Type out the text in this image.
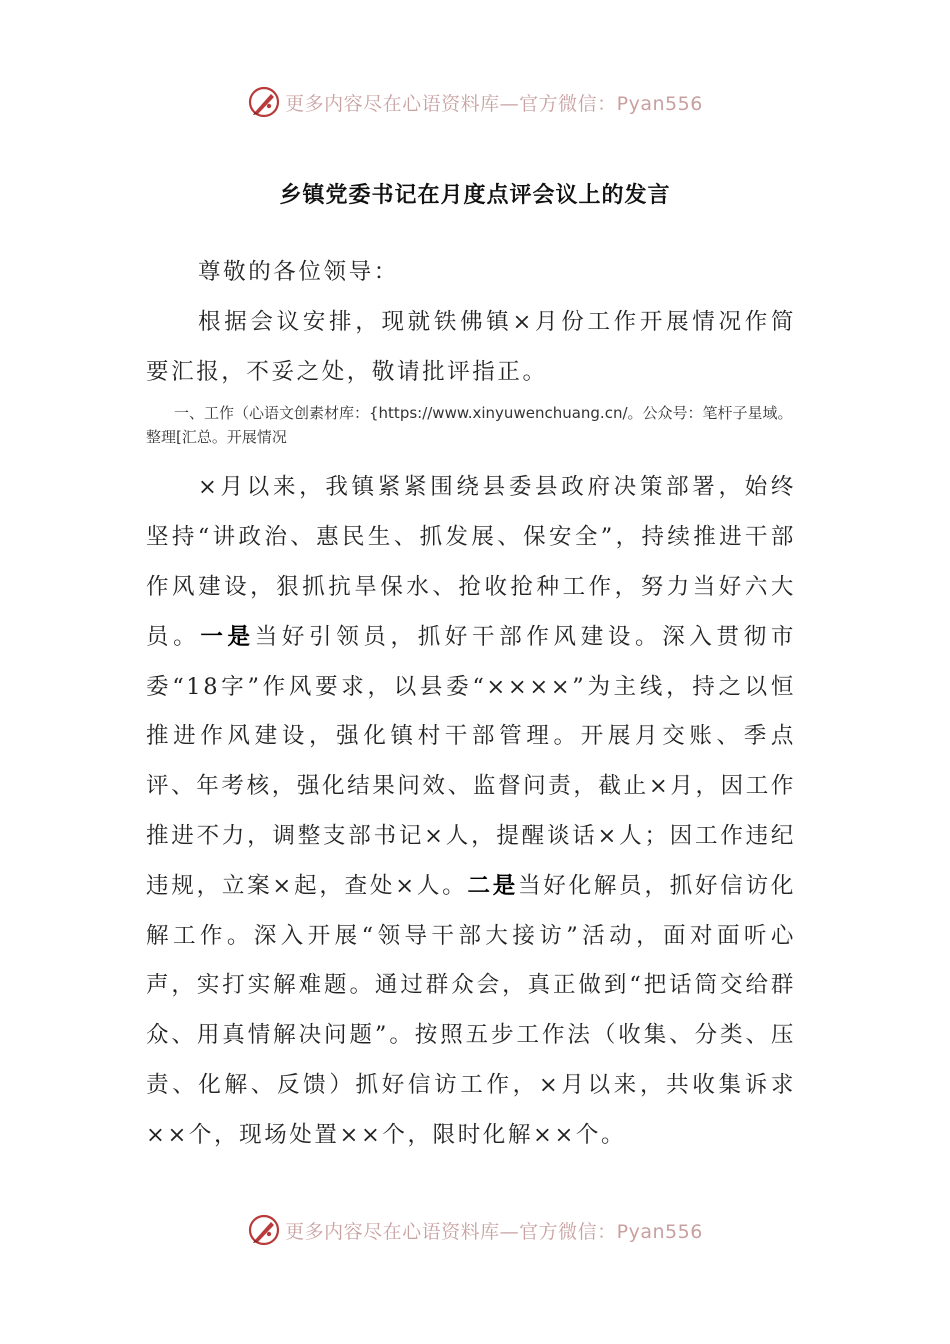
更多内容尽在心语资料库—官方微信：Pyan556
乡镇党委书记在月度点评会议上的发言

尊敬的各位领导：

根据会议安排，现就铁佛镇×月份工作开展情况作简要汇报，不妥之处，敬请批评指正。

一、工作（心语文创素材库：{https://www.xinyuwenchuang.cn/。公众号：笔杆子星域。整理[汇总。开展情况

×月以来，我镇紧紧围绕县委县政府决策部署，始终坚持“讲政治、惠民生、抓发展、保安全”，持续推进干部作风建设，狠抓抗旱保水、抢收抢种工作，努力当好六大员。一是当好引领员，抓好干部作风建设。深入贯彻市委“18字”作风要求，以县委“××××”为主线，持之以恒推进作风建设，强化镇村干部管理。开展月交账、季点评、年考核，强化结果问效、监督问责，截止×月，因工作推进不力，调整支部书记×人，提醒谈话×人；因工作违纪违规，立案×起，查处×人。二是当好化解员，抓好信访化解工作。深入开展“领导干部大接访”活动，面对面听心声，实打实解难题。通过群众会，真正做到“把话筒交给群众、用真情解决问题”。按照五步工作法（收集、分类、压责、化解、反馈）抓好信访工作，×月以来，共收集诉求××个，现场处置××个，限时化解××个。

更多内容尽在心语资料库—官方微信：Pyan556
